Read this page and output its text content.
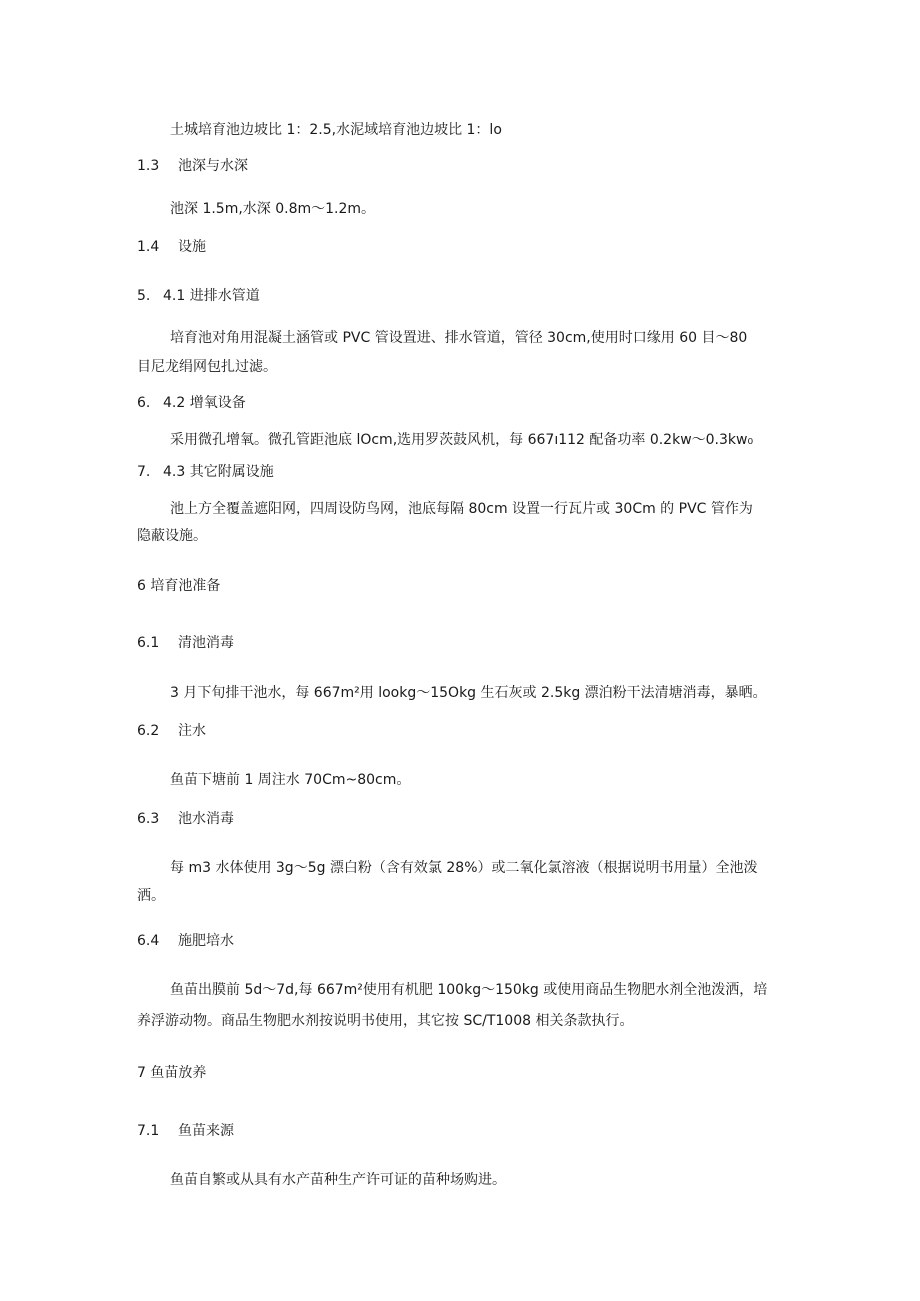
土城培育池边坡比 1：2.5,水泥域培育池边坡比 1：lo
1.3 池深与水深
池深 1.5m,水深 0.8m～1.2m。
1.4 设施
5. 4.1 进排水管道
培育池对角用混凝土涵管或 PVC 管设置进、排水管道，管径 30cm,使用时口缘用 60 目～80
目尼龙绢网包扎过滤。
6. 4.2 增氧设备
采用微孔增氧。微孔管距池底 lOcm,选用罗茨鼓风机，每 667ı112 配备功率 0.2kw～0.3kw₀
7. 4.3 其它附属设施
池上方全覆盖遮阳网，四周设防鸟网，池底每隔 80cm 设置一行瓦片或 30Cm 的 PVC 管作为
隐蔽设施。
6 培育池准备
6.1 清池消毒
3 月下旬排干池水，每 667m²用 lookg～15Okg 生石灰或 2.5kg 漂泊粉干法清塘消毒，暴晒。
6.2 注水
鱼苗下塘前 1 周注水 70Cm~80cm。
6.3 池水消毒
每 m3 水体使用 3g～5g 漂白粉（含有效氯 28%）或二氧化氯溶液（根据说明书用量）全池泼
洒。
6.4 施肥培水
鱼苗出膜前 5d～7d,每 667m²使用有机肥 100kg～150kg 或使用商品生物肥水剂全池泼洒，培
养浮游动物。商品生物肥水剂按说明书使用，其它按 SC/T1008 相关条款执行。
7 鱼苗放养
7.1 鱼苗来源
鱼苗自繁或从具有水产苗种生产许可证的苗种场购进。
